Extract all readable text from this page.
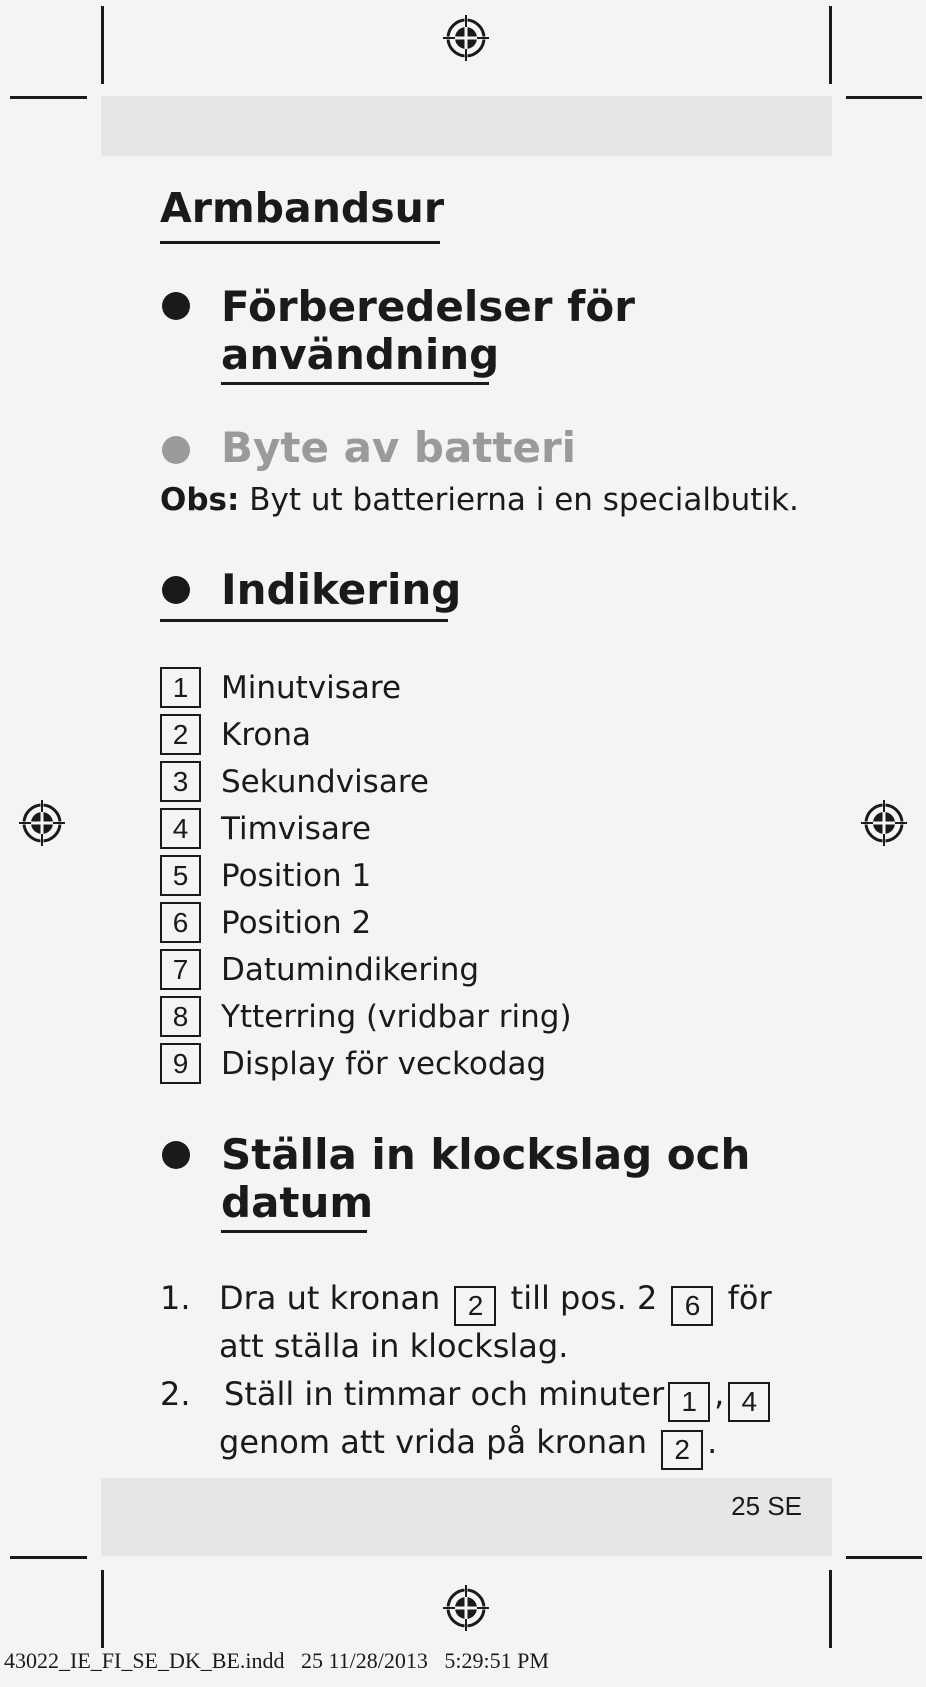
Armbandsur
Förberedelser för
användning
Byte av batteri
Obs: Byt ut batterierna i en specialbutik.
Indikering
1	Minutvisare
2	Krona
3	Sekundvisare
4	Timvisare
5	Position 1
6	Position 2
7	Datumindikering
8	Ytterring (vridbar ring)
9	Display för veckodag
Ställa in klockslag och
datum
1. Dra ut kronan 2 till pos. 2 6 för
att ställa in klockslag.
2. Ställ in timmar och minuter 1 , 4
genom att vrida på kronan 2 .
25 SE
43022_IE_FI_SE_DK_BE.indd   25 11/28/2013   5:29:51 PM
